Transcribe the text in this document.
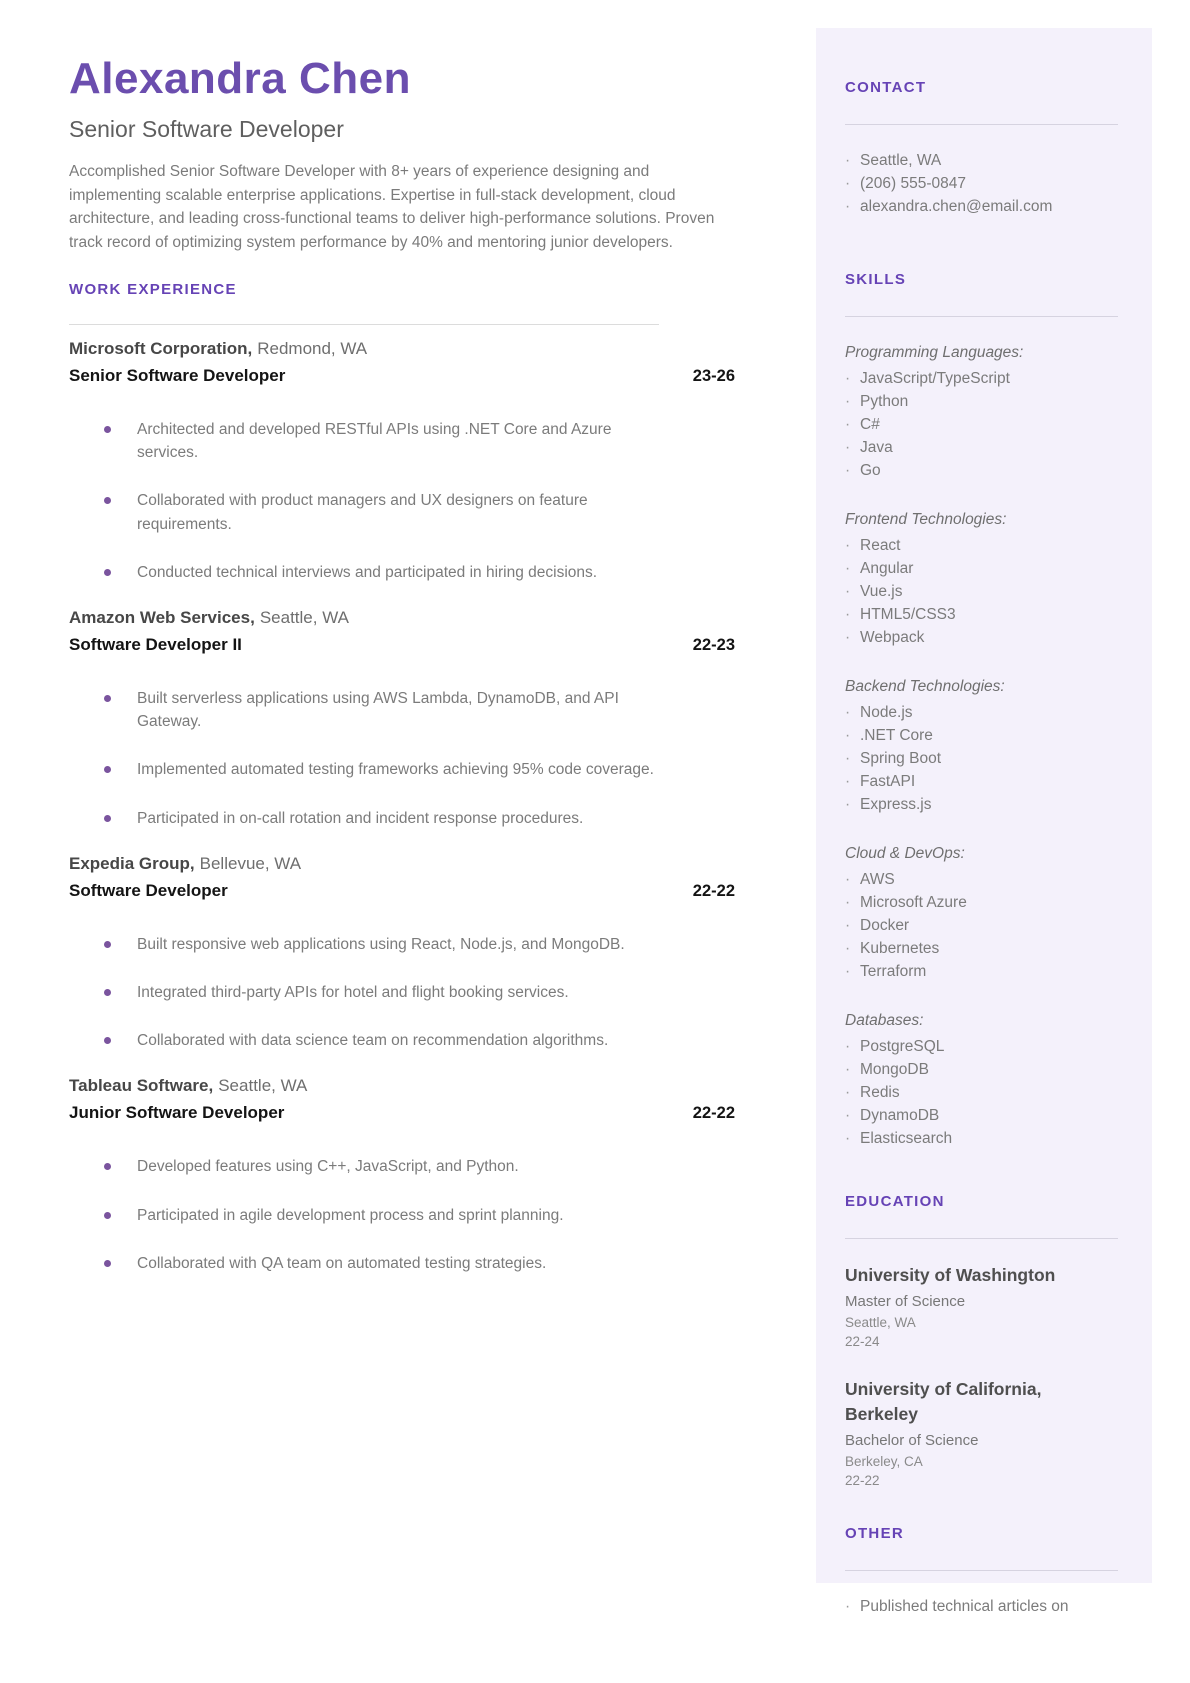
CONTACT
· Seattle, WA
· (206) 555-0847
· alexandra.chen@email.com
SKILLS
Programming Languages:
· JavaScript/TypeScript
· Python
· C#
· Java
· Go
Frontend Technologies:
· React
· Angular
· Vue.js
· HTML5/CSS3
· Webpack
Backend Technologies:
· Node.js
· .NET Core
· Spring Boot
· FastAPI
· Express.js
Cloud & DevOps:
· AWS
· Microsoft Azure
· Docker
· Kubernetes
· Terraform
Databases:
· PostgreSQL
· MongoDB
· Redis
· DynamoDB
· Elasticsearch
EDUCATION
University of Washington
Master of Science
Seattle, WA
22-24
University of California, Berkeley
Bachelor of Science
Berkeley, CA
22-22
OTHER
· Published technical articles on
Alexandra Chen
Senior Software Developer

Accomplished Senior Software Developer with 8+ years of experience designing and implementing scalable enterprise applications. Expertise in full-stack development, cloud architecture, and leading cross-functional teams to deliver high-performance solutions. Proven track record of optimizing system performance by 40% and mentoring junior developers.

WORK EXPERIENCE
Microsoft Corporation, Redmond, WA
Senior Software Developer	23-26
Architected and developed RESTful APIs using .NET Core and Azure services.
Collaborated with product managers and UX designers on feature requirements.
Conducted technical interviews and participated in hiring decisions.
Amazon Web Services, Seattle, WA
Software Developer II	22-23
Built serverless applications using AWS Lambda, DynamoDB, and API Gateway.
Implemented automated testing frameworks achieving 95% code coverage.
Participated in on-call rotation and incident response procedures.
Expedia Group, Bellevue, WA
Software Developer	22-22
Built responsive web applications using React, Node.js, and MongoDB.
Integrated third-party APIs for hotel and flight booking services.
Collaborated with data science team on recommendation algorithms.
Tableau Software, Seattle, WA
Junior Software Developer	22-22
Developed features using C++, JavaScript, and Python.
Participated in agile development process and sprint planning.
Collaborated with QA team on automated testing strategies.
